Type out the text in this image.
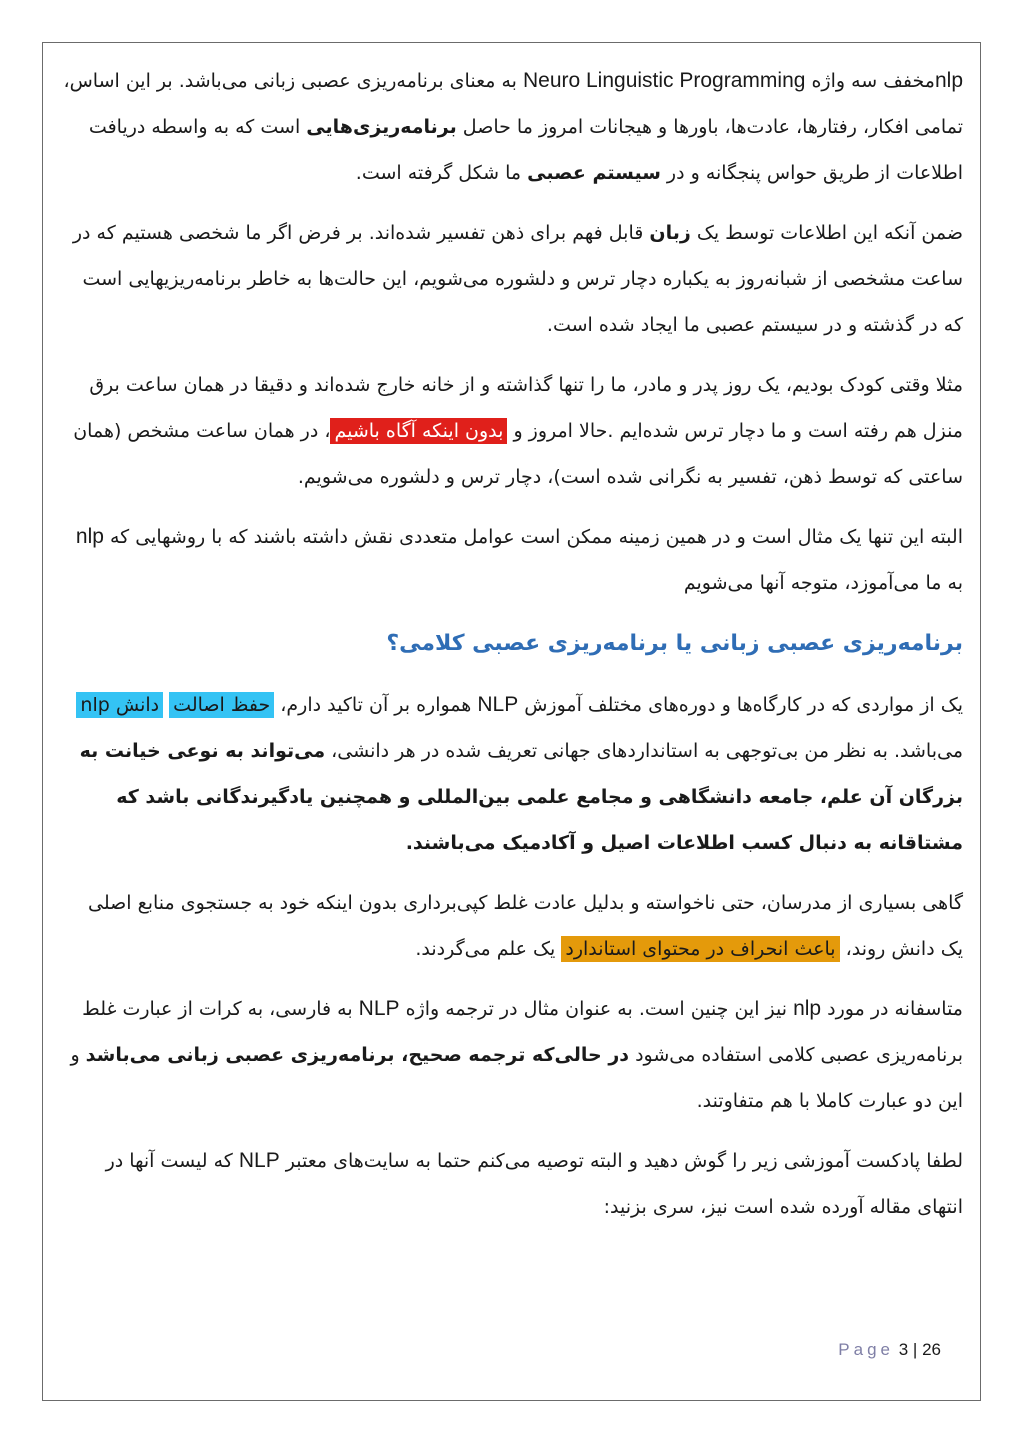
nlpمخفف سه واژه Neuro Linguistic Programming به معنای برنامه‌ریزی عصبی زبانی می‌باشد. بر این اساس، تمامی افکار، رفتارها، عادت‌ها، باورها و هیجانات امروز ما حاصل برنامه‌ریزی‌هایی است که به واسطه دریافت اطلاعات از طریق حواس پنجگانه و در سیستم عصبی ما شکل گرفته است.

ضمن آنکه این اطلاعات توسط یک زبان قابل فهم برای ذهن تفسیر شده‌اند. بر فرض اگر ما شخصی هستیم که در ساعت مشخصی از شبانه‌روز به یکباره دچار ترس و دلشوره می‌شویم، این حالت‌ها به خاطر برنامه‌ریزیهایی است که در گذشته و در سیستم عصبی ما ایجاد شده است.

مثلا وقتی کودک بودیم، یک روز پدر و مادر، ما را تنها گذاشته و از خانه خارج شده‌اند و دقیقا در همان ساعت برق منزل هم رفته است و ما دچار ترس شده‌ایم .حالا امروز و بدون اینکه آگاه باشیم، در همان ساعت مشخص (همان ساعتی که توسط ذهن، تفسیر به نگرانی شده است)، دچار ترس و دلشوره می‌شویم.

البته این تنها یک مثال است و در همین زمینه ممکن است عوامل متعددی نقش داشته باشند که با روشهایی که nlp به ما می‌آموزد، متوجه آنها می‌شویم

برنامه‌ریزی عصبی زبانی یا برنامه‌ریزی عصبی کلامی؟

یک از مواردی که در کارگاه‌ها و دوره‌های مختلف آموزش NLP همواره بر آن تاکید دارم، حفظ اصالت دانش nlp می‌باشد. به نظر من بی‌توجهی به استانداردهای جهانی تعریف شده در هر دانشی، می‌تواند به نوعی خیانت به بزرگان آن علم، جامعه دانشگاهی و مجامع علمی بین‌المللی و همچنین یادگیرندگانی باشد که مشتاقانه به دنبال کسب اطلاعات اصیل و آکادمیک می‌باشند.

گاهی بسیاری از مدرسان، حتی ناخواسته و بدلیل عادت غلط کپی‌برداری بدون اینکه خود به جستجوی منابع اصلی یک دانش روند، باعث انحراف در محتوای استاندارد یک علم می‌گردند.

متاسفانه در مورد nlp نیز این چنین است. به عنوان مثال در ترجمه واژه NLP به فارسی، به کرات از عبارت غلط برنامه‌ریزی عصبی کلامی استفاده می‌شود در حالی‌که ترجمه صحیح، برنامه‌ریزی عصبی زبانی می‌باشد و این دو عبارت کاملا با هم متفاوتند.

لطفا پادکست آموزشی زیر را گوش دهید و البته توصیه می‌کنم حتما به سایت‌های معتبر NLP که لیست آنها در انتهای مقاله آورده شده است نیز، سری بزنید:

Page 3 | 26
